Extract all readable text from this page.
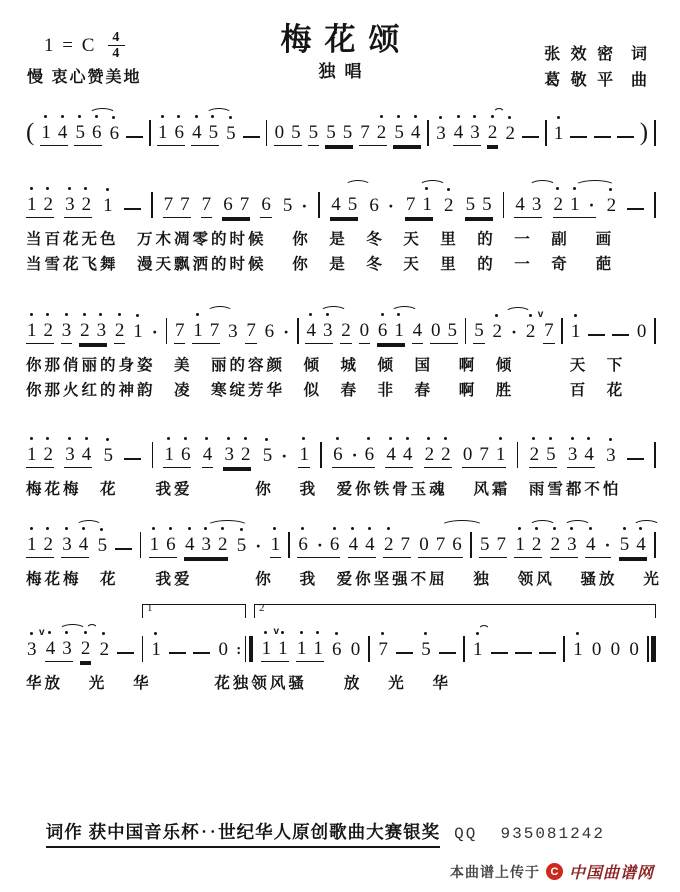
1 = C $\frac{4}{4}$	梅花颂
独唱
张 效 密  词
葛 敬 平  曲
慢 衷心赞美地
( 1 4 5 6 6 1 6 4 5 5 0 5 5 5 5 7 2 5 4 3 4 3 2 2 1	)
1 2 3 2 1	7 7 7 6 7 6 5 · 4 5 6 · 7 1 2 5 5 4 3 2 1 · 2
当百花无色　万木凋零的时候　 你　是　冬　天　里　的　一　副　 画
当雪花飞舞　漫天飘洒的时候　 你　是　冬　天　里　的　一　奇　 葩
1 2 3 2 3 2 1 · 7 1 7 3 7 6 · 4 3 2 0 6 1 4 0 5 5 2 · 2
v
7 1	0
你那俏丽的身姿　美　丽的容颜　倾　城　倾　国　 啊　倾　　　天　下
你那火红的神韵　凌　寒绽芳华　似　春　非　春　 啊　胜　　　百　花
1 2 3 4 5	1 6 4 3 2 5 · 1 6 · 6 4 4 2 2 0 7 1 2 5 3 4 3
梅花梅　花　　我爱　　　 你　 我　爱你铁骨玉魂　 风霜　雨雪都不怕
1 2 3 4 5 1 6 4 3 2 5 · 1 6 · 6 4 4 2 7 0 7 6 5 7 1 2 2 3 4 · 5 4
梅花梅　花　　我爱　　　 你　 我　爱你坚强不屈　 独　 领风　 骚放　 光
3
v
4 3 2 2 1	0 : 1
v
1 1 1 6 0 7 5 1	1 0 0 0
1	2
华放　 光　 华　　　 花独领风骚　　放　 光　 华

词作 获中国音乐杯‥世纪华人原创歌曲大赛银奖 QQ 935081242

本曲谱上传于 C 中国曲谱网
